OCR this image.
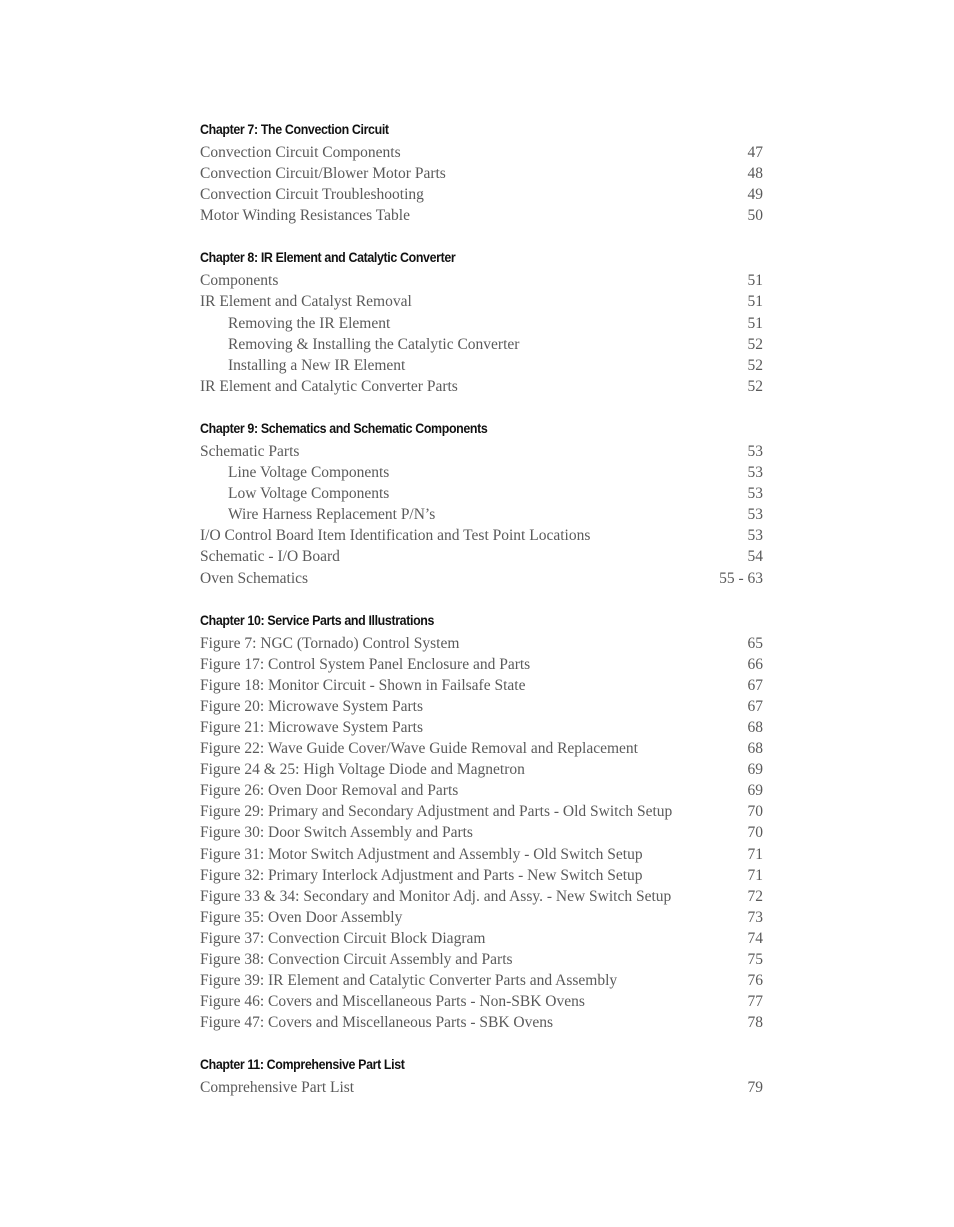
Chapter 7: The Convection Circuit
Convection Circuit Components	47
Convection Circuit/Blower Motor Parts	48
Convection Circuit Troubleshooting	49
Motor Winding Resistances Table	50
Chapter 8: IR Element and Catalytic Converter
Components	51
IR Element and Catalyst Removal	51
Removing the IR Element	51
Removing & Installing the Catalytic Converter	52
Installing a New IR Element	52
IR Element and Catalytic Converter Parts	52
Chapter 9: Schematics and Schematic Components
Schematic Parts	53
Line Voltage Components	53
Low Voltage Components	53
Wire Harness Replacement P/N’s	53
I/O Control Board Item Identification and Test Point Locations	53
Schematic - I/O Board	54
Oven Schematics	55 - 63
Chapter 10: Service Parts and Illustrations
Figure 7: NGC (Tornado) Control System	65
Figure 17: Control System Panel Enclosure and Parts	66
Figure 18: Monitor Circuit - Shown in Failsafe State	67
Figure 20: Microwave System Parts	67
Figure 21: Microwave System Parts	68
Figure 22: Wave Guide Cover/Wave Guide Removal and Replacement	68
Figure 24 & 25: High Voltage Diode and Magnetron	69
Figure 26: Oven Door Removal and Parts	69
Figure 29: Primary and Secondary Adjustment and Parts - Old Switch Setup	70
Figure 30: Door Switch Assembly and Parts	70
Figure 31: Motor Switch Adjustment and Assembly - Old Switch Setup	71
Figure 32: Primary Interlock Adjustment and Parts - New Switch Setup	71
Figure 33 & 34: Secondary and Monitor Adj. and Assy. - New Switch Setup	72
Figure 35: Oven Door Assembly	73
Figure 37: Convection Circuit Block Diagram	74
Figure 38: Convection Circuit Assembly and Parts	75
Figure 39: IR Element and Catalytic Converter Parts and Assembly	76
Figure 46: Covers and Miscellaneous Parts - Non-SBK Ovens	77
Figure 47: Covers and Miscellaneous Parts - SBK Ovens	78
Chapter 11: Comprehensive Part List
Comprehensive Part List	79
